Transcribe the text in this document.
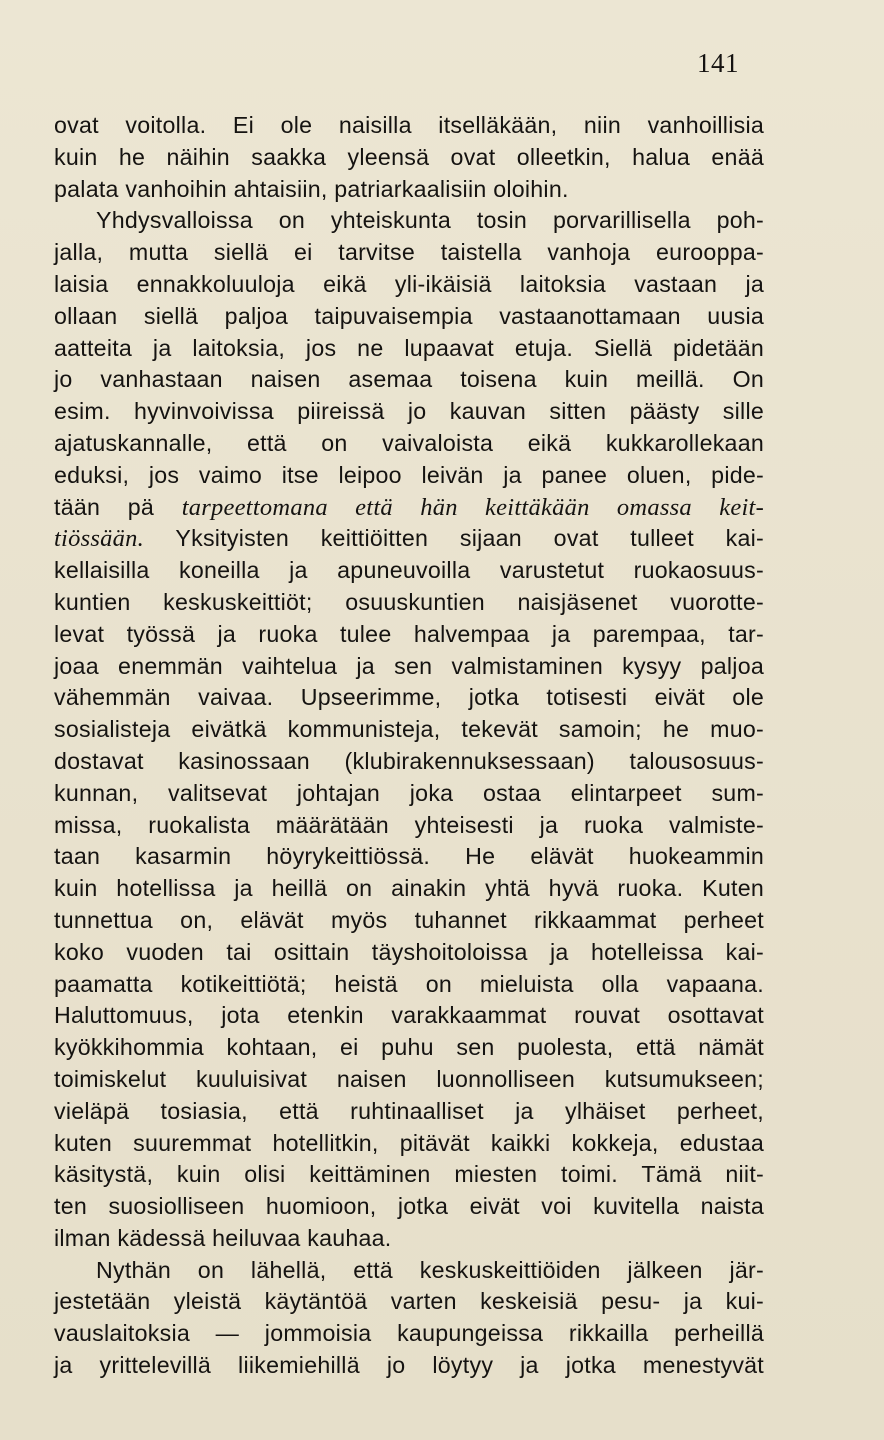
141
ovat voitolla. Ei ole naisilla itselläkään, niin vanhoillisia
kuin he näihin saakka yleensä ovat olleetkin, halua enää
palata vanhoihin ahtaisiin, patriarkaalisiin oloihin.
Yhdysvalloissa on yhteiskunta tosin porvarillisella poh-
jalla, mutta siellä ei tarvitse taistella vanhoja eurooppa-
laisia ennakkoluuloja eikä yli-ikäisiä laitoksia vastaan ja
ollaan siellä paljoa taipuvaisempia vastaanottamaan uusia
aatteita ja laitoksia, jos ne lupaavat etuja. Siellä pidetään
jo vanhastaan naisen asemaa toisena kuin meillä. On
esim. hyvinvoivissa piireissä jo kauvan sitten päästy sille
ajatuskannalle, että on vaivaloista eikä kukkarollekaan
eduksi, jos vaimo itse leipoo leivän ja panee oluen, pide-
tään pä tarpeettomana että hän keittäkään omassa keit-
tiössään. Yksityisten keittiöitten sijaan ovat tulleet kai-
kellaisilla koneilla ja apuneuvoilla varustetut ruokaosuus-
kuntien keskuskeittiöt; osuuskuntien naisjäsenet vuorotte-
levat työssä ja ruoka tulee halvempaa ja parempaa, tar-
joaa enemmän vaihtelua ja sen valmistaminen kysyy paljoa
vähemmän vaivaa. Upseerimme, jotka totisesti eivät ole
sosialisteja eivätkä kommunisteja, tekevät samoin; he muo-
dostavat kasinossaan (klubirakennuksessaan) talousosuus-
kunnan, valitsevat johtajan joka ostaa elintarpeet sum-
missa, ruokalista määrätään yhteisesti ja ruoka valmiste-
taan kasarmin höyrykeittiössä. He elävät huokeammin
kuin hotellissa ja heillä on ainakin yhtä hyvä ruoka. Kuten
tunnettua on, elävät myös tuhannet rikkaammat perheet
koko vuoden tai osittain täyshoitoloissa ja hotelleissa kai-
paamatta kotikeittiötä; heistä on mieluista olla vapaana.
Haluttomuus, jota etenkin varakkaammat rouvat osottavat
kyökkihommia kohtaan, ei puhu sen puolesta, että nämät
toimiskelut kuuluisivat naisen luonnolliseen kutsumukseen;
vieläpä tosiasia, että ruhtinaalliset ja ylhäiset perheet,
kuten suuremmat hotellitkin, pitävät kaikki kokkeja, edustaa
käsitystä, kuin olisi keittäminen miesten toimi. Tämä niit-
ten suosiolliseen huomioon, jotka eivät voi kuvitella naista
ilman kädessä heiluvaa kauhaa.
Nythän on lähellä, että keskuskeittiöiden jälkeen jär-
jestetään yleistä käytäntöä varten keskeisiä pesu- ja kui-
vauslaitoksia — jommoisia kaupungeissa rikkailla perheillä
ja yrittelevillä liikemiehillä jo löytyy ja jotka menestyvät
